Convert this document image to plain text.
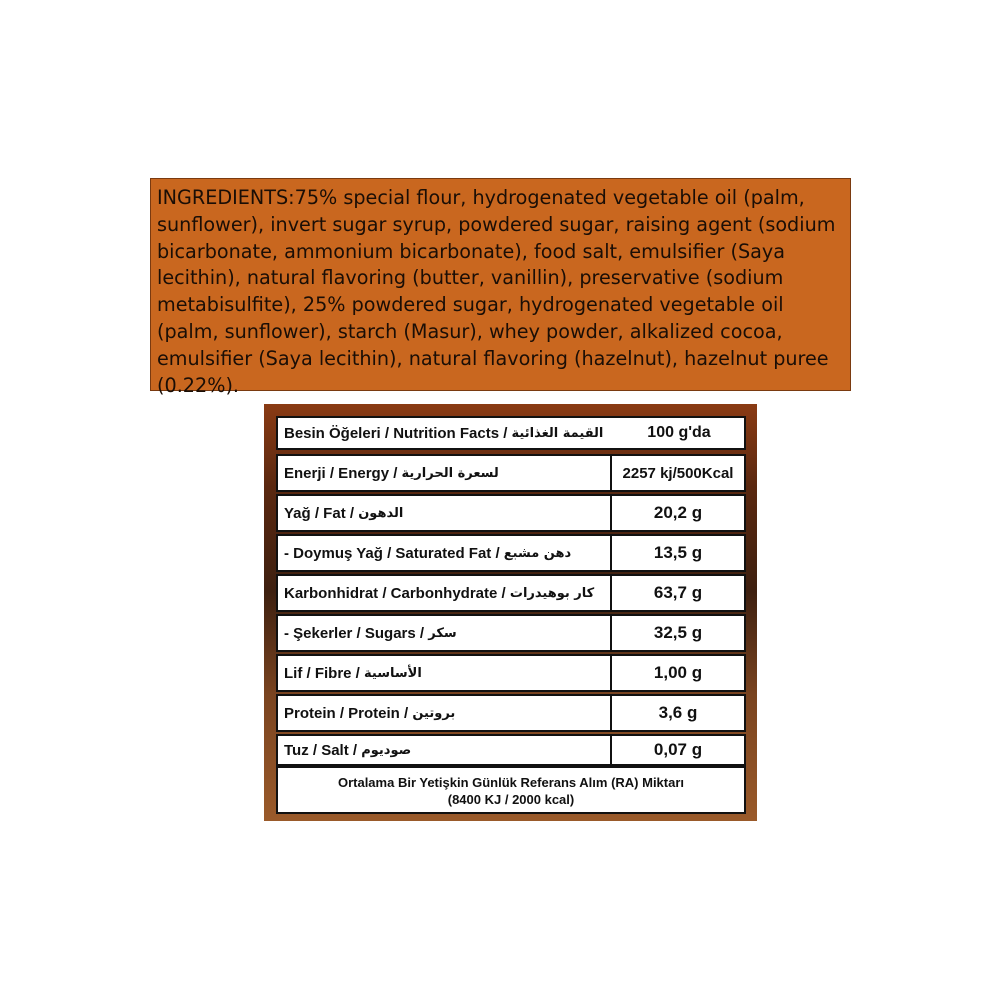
INGREDIENTS:75% special flour, hydrogenated vegetable oil (palm, sunflower), invert sugar syrup, powdered sugar, raising agent (sodium bicarbonate, ammonium bicarbonate), food salt, emulsifier (Saya lecithin), natural flavoring (butter, vanillin), preservative (sodium metabisulfite), 25% powdered sugar, hydrogenated vegetable oil (palm, sunflower), starch (Masur), whey powder, alkalized cocoa, emulsifier (Saya lecithin), natural flavoring (hazelnut), hazelnut puree (0.22%).
Besin Öğeleri / Nutrition Facts /
القيمة الغذائية	100 g'da
Enerji / Energy /
لسعرة الحرارية	2257 kj/500Kcal
Yağ / Fat /
الدهون	20,2 g
- Doymuş Yağ / Saturated Fat /
دهن مشبع	13,5 g
Karbonhidrat / Carbonhydrate /
كار بوهيدرات	63,7 g
- Şekerler / Sugars /
سكر	32,5 g
Lif / Fibre /
الأساسية	1,00 g
Protein / Protein /
بروتين	3,6 g
Tuz / Salt /
صوديوم	0,07 g
Ortalama Bir Yetişkin Günlük Referans Alım (RA) Miktarı
(8400 KJ / 2000 kcal)
